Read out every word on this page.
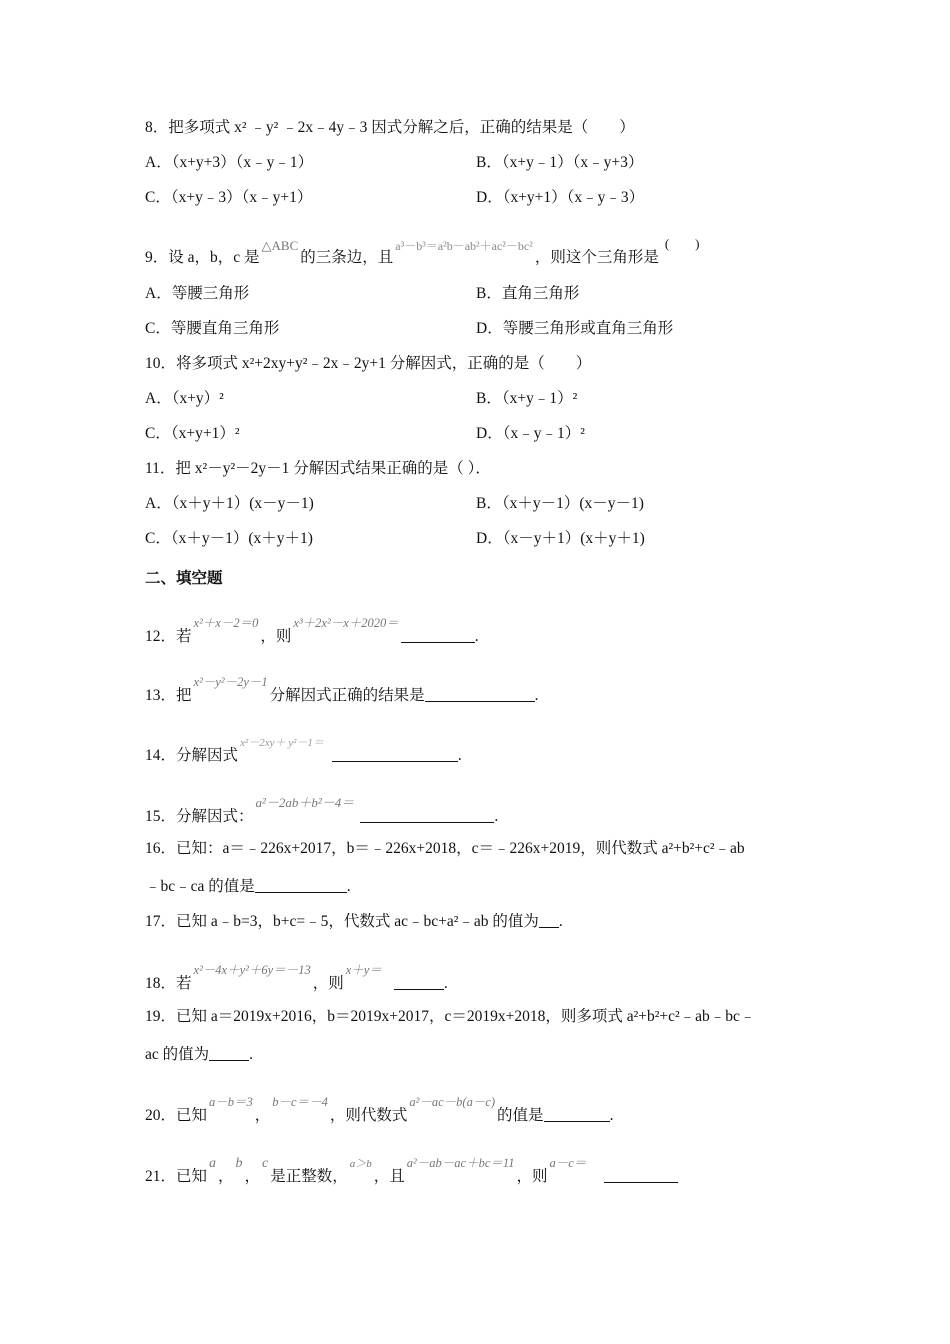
8．把多项式 x² ﹣y² ﹣2x﹣4y﹣3 因式分解之后，正确的结果是（　　）
A．（x+y+3）（x﹣y﹣1）	B．（x+y﹣1）（x﹣y+3）
C．（x+y﹣3）（x﹣y+1）	D．（x+y+1）（x﹣y﹣3）
9．设 a，b，c 是△ABC的三条边，且a³－b³＝a²b－ab²＋ac²－bc²，则这个三角形是(　　)
A．等腰三角形	B．直角三角形
C．等腰直角三角形	D．等腰三角形或直角三角形
10．将多项式 x²+2xy+y²﹣2x﹣2y+1 分解因式，正确的是（　　）
A．（x+y）²	B．（x+y﹣1）²
C．（x+y+1）²	D．（x﹣y﹣1）²
11．把 x²－y²－2y－1 分解因式结果正确的是（ ）．
A．（x＋y＋1）(x－y－1)	B．（x＋y－1）(x－y－1)
C．（x＋y－1）(x＋y＋1)	D．（x－y＋1）(x＋y＋1)
二、填空题
12．若x²＋x－2＝0，则x³＋2x²－x＋2020＝.
13．把x²－y²－2y－1分解因式正确的结果是	.
14．分解因式x²－2xy＋ y²－1＝.
15．分解因式：a²－2ab＋b²－4＝.
16．已知：a＝﹣226x+2017，b＝﹣226x+2018，c＝﹣226x+2019，则代数式 a²+b²+c²﹣ab
﹣bc﹣ca 的值是	.
17．已知 a﹣b=3，b+c=﹣5，代数式 ac﹣bc+a²﹣ab 的值为 .
18．若x²－4x＋y²＋6y＝－13，则x＋y＝.
19．已知 a＝2019x+2016，b＝2019x+2017，c＝2019x+2018，则多项式 a²+b²+c²﹣ab﹣bc﹣
ac 的值为	.
20．已知a－b＝3，b－c＝－4，则代数式a²－ac－b(a－c)的值是	.
21．已知a，b，c是正整数，a＞b，且a²－ab－ac＋bc＝11，则a－c＝
